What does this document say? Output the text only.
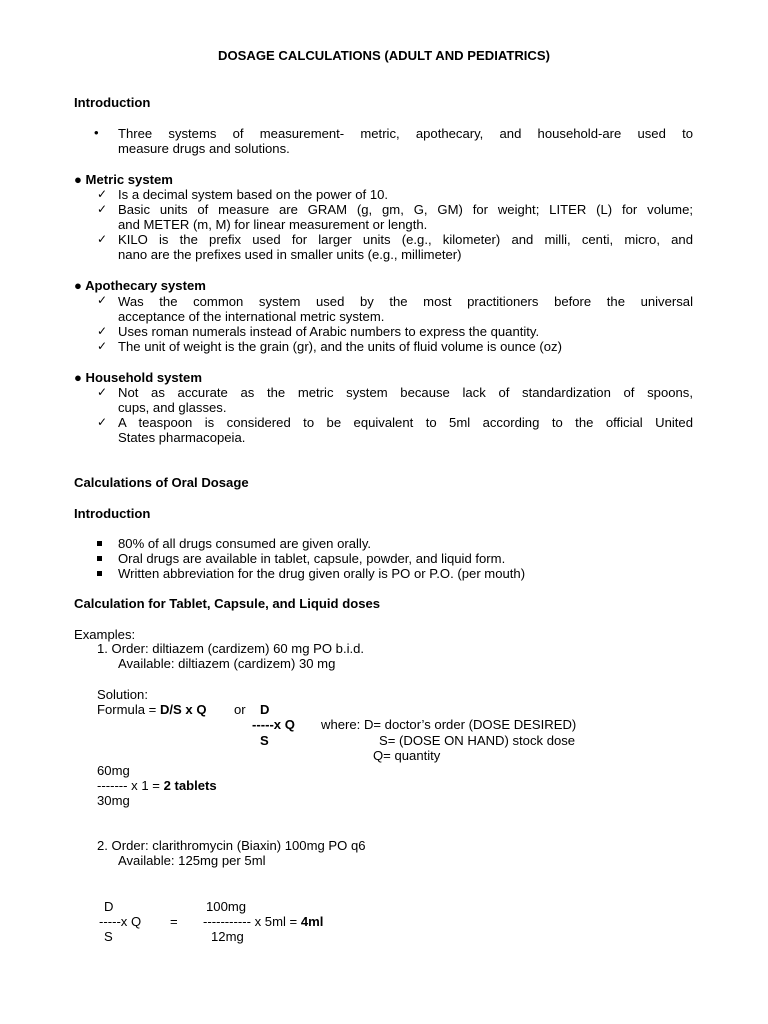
DOSAGE CALCULATIONS (ADULT AND PEDIATRICS)
Introduction
• Three systems of measurement- metric, apothecary, and household-are used to
measure drugs and solutions.
● Metric system
✓ Is a decimal system based on the power of 10.
✓ Basic units of measure are GRAM (g, gm, G, GM) for weight; LITER (L) for volume;
and METER (m, M) for linear measurement or length.
✓ KILO is the prefix used for larger units (e.g., kilometer) and milli, centi, micro, and
nano are the prefixes used in smaller units (e.g., millimeter)
● Apothecary system
✓ Was the common system used by the most practitioners before the universal
acceptance of the international metric system.
✓ Uses roman numerals instead of Arabic numbers to express the quantity.
✓ The unit of weight is the grain (gr), and the units of fluid volume is ounce (oz)
● Household system
✓ Not as accurate as the metric system because lack of standardization of spoons,
cups, and glasses.
✓ A teaspoon is considered to be equivalent to 5ml according to the official United
States pharmacopeia.
Calculations of Oral Dosage
Introduction
80% of all drugs consumed are given orally.
Oral drugs are available in tablet, capsule, powder, and liquid form.
Written abbreviation for the drug given orally is PO or P.O. (per mouth)
Calculation for Tablet, Capsule, and Liquid doses
Examples:
1. Order: diltiazem (cardizem) 60 mg PO b.i.d.
Available: diltiazem (cardizem) 30 mg
Solution:
Formula = D/S x Q or D
-----x Q where: D= doctor’s order (DOSE DESIRED)
S	S= (DOSE ON HAND) stock dose
Q= quantity
60mg
------- x 1 = 2 tablets
30mg
2. Order: clarithromycin (Biaxin) 100mg PO q6
Available: 125mg per 5ml
D	100mg
-----x Q = ----------- x 5ml = 4ml
S	12mg
